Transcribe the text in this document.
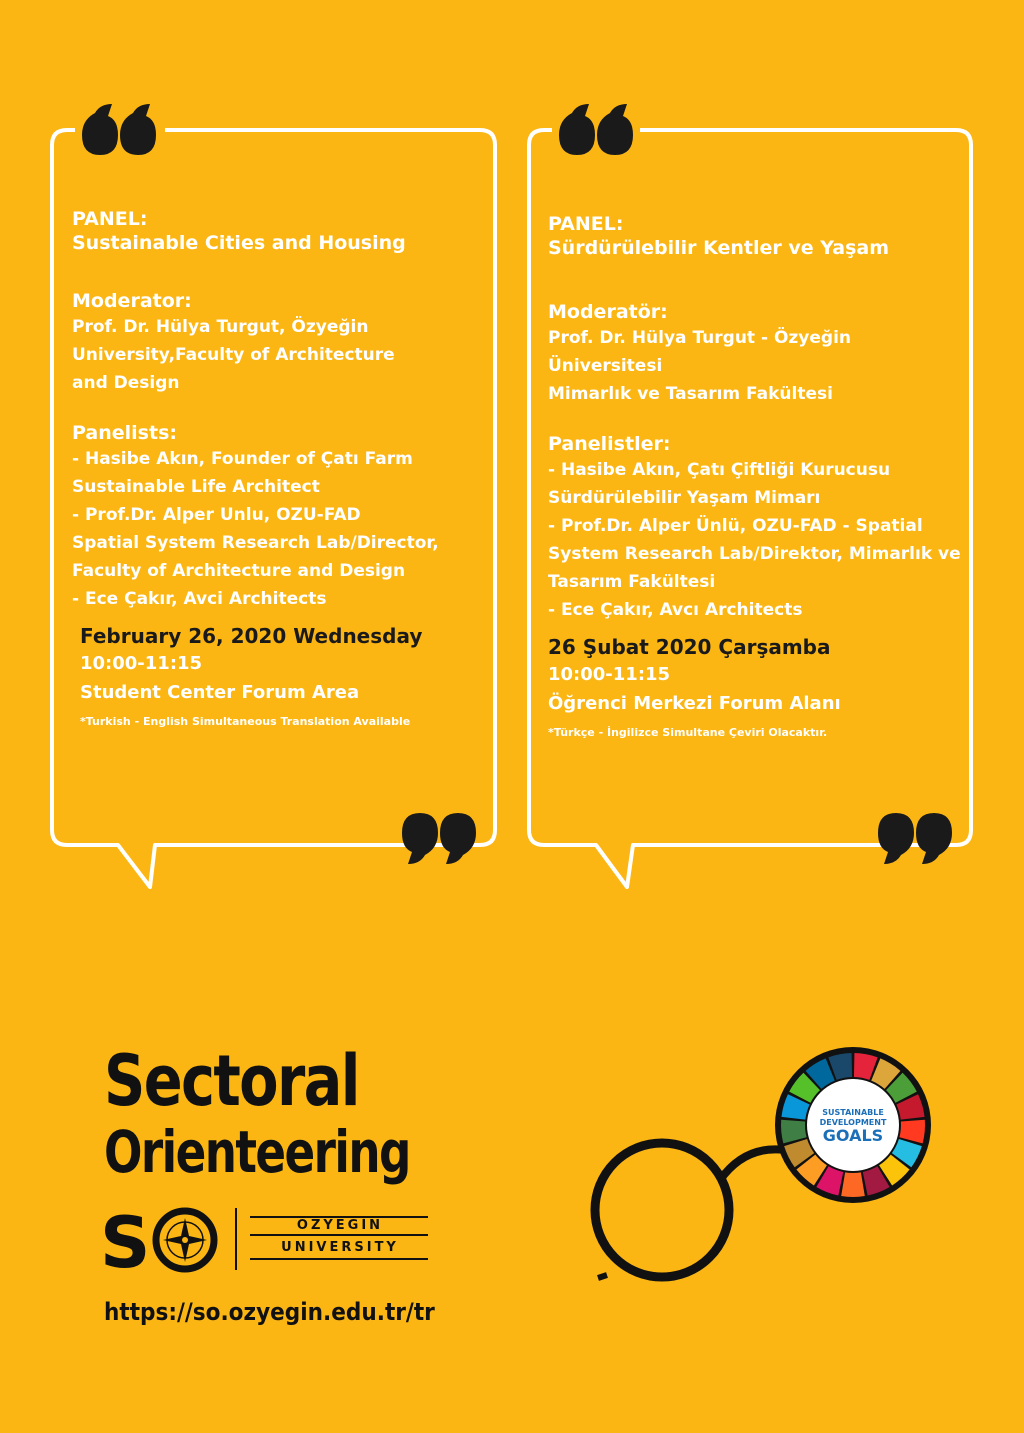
PANEL:
Sustainable Cities and Housing
Moderator:
Prof. Dr. Hülya Turgut, Özyeğin
University,Faculty of Architecture
and Design
Panelists:
- Hasibe Akın, Founder of Çatı Farm
Sustainable Life Architect
- Prof.Dr. Alper Unlu, OZU-FAD
Spatial System Research Lab/Director,
Faculty of Architecture and Design
- Ece Çakır, Avci Architects
February 26, 2020 Wednesday
10:00-11:15
Student Center Forum Area
*Turkish - English Simultaneous Translation Available
PANEL:
Sürdürülebilir Kentler ve Yaşam
Moderatör:
Prof. Dr. Hülya Turgut - Özyeğin Üniversitesi
Mimarlık ve Tasarım Fakültesi
Panelistler:
- Hasibe Akın, Çatı Çiftliği Kurucusu
Sürdürülebilir Yaşam Mimarı
- Prof.Dr. Alper Ünlü, OZU-FAD - Spatial
System Research Lab/Direktor, Mimarlık ve
Tasarım Fakültesi
- Ece Çakır, Avcı Architects
26 Şubat 2020 Çarşamba
10:00-11:15
Öğrenci Merkezi Forum Alanı
*Türkçe - İngilizce Simultane Çeviri Olacaktır.
Sectoral
Orienteering
S	ÖZYEĞİN
UNIVERSITY
https://so.ozyegin.edu.tr/tr
SUSTAINABLE
DEVELOPMENT
GOALS
